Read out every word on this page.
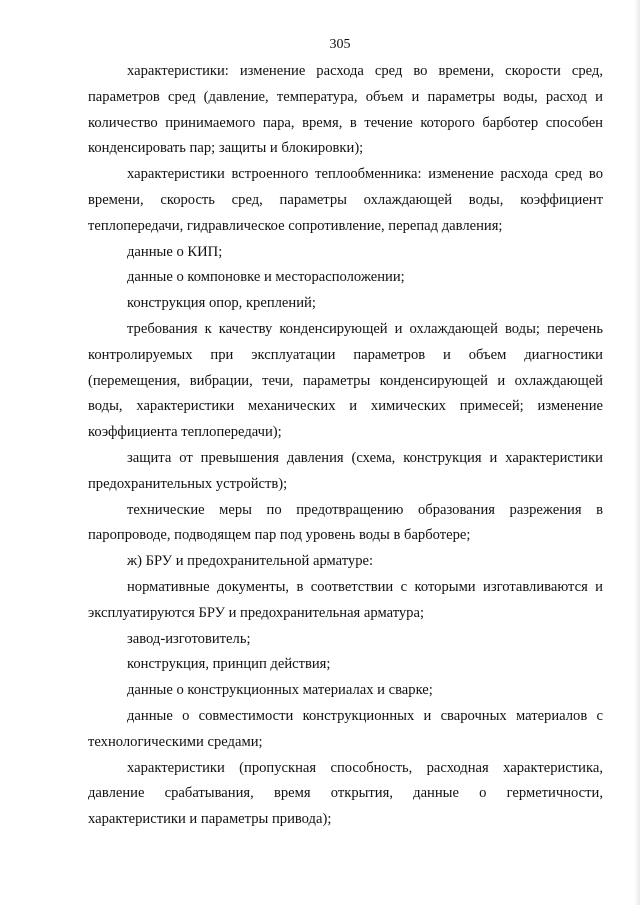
305

характеристики: изменение расхода сред во времени, скорости сред, параметров сред (давление, температура, объем и параметры воды, расход и количество принимаемого пара, время, в течение которого барботер способен конденсировать пар; защиты и блокировки);

характеристики встроенного теплообменника: изменение расхода сред во времени, скорость сред, параметры охлаждающей воды, коэффициент теплопередачи, гидравлическое сопротивление, перепад давления;

данные о КИП;

данные о компоновке и месторасположении;

конструкция опор, креплений;

требования к качеству конденсирующей и охлаждающей воды; перечень контролируемых при эксплуатации параметров и объем диагностики (перемещения, вибрации, течи, параметры конденсирующей и охлаждающей воды, характеристики механических и химических примесей; изменение коэффициента теплопередачи);

защита от превышения давления (схема, конструкция и характеристики предохранительных устройств);

технические меры по предотвращению образования разрежения в паропроводе, подводящем пар под уровень воды в барботере;

ж) БРУ и предохранительной арматуре:

нормативные документы, в соответствии с которыми изготавливаются и эксплуатируются БРУ и предохранительная арматура;

завод-изготовитель;

конструкция, принцип действия;

данные о конструкционных материалах и сварке;

данные о совместимости конструкционных и сварочных материалов с технологическими средами;

характеристики (пропускная способность, расходная характеристика, давление срабатывания, время открытия, данные о герметичности, характеристики и параметры привода);
